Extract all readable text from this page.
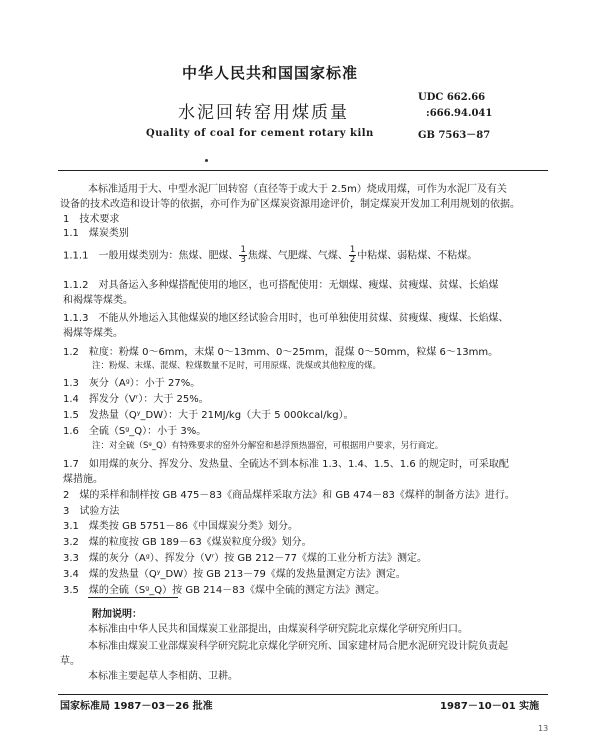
中华人民共和国国家标准
水泥回转窑用煤质量
Quality of coal for cement rotary kiln
UDC 662.66
:666.94.041
GB 7563－87
本标准适用于大、中型水泥厂回转窑（直径等于或大于 2.5m）烧成用煤，可作为水泥厂及有关
设备的技术改造和设计等的依据，亦可作为矿区煤炭资源用途评价，制定煤炭开发加工利用规划的依据。
1　技术要求
1.1　煤炭类别
1.1.1　一般用煤类别为：焦煤、肥煤、 $\frac{1}{3}$ 焦煤、气肥煤、气煤、 $\frac{1}{2}$ 中粘煤、弱粘煤、不粘煤。
1.1.2　对具备运入多种煤搭配使用的地区，也可搭配使用：无烟煤、瘦煤、贫瘦煤、贫煤、长焰煤
和褐煤等煤类。
1.1.3　不能从外地运入其他煤炭的地区经试验合用时，也可单独使用贫煤、贫瘦煤、瘦煤、长焰煤、
褐煤等煤类。
1.2　粒度：粉煤 0～6mm，末煤 0～13mm、0～25mm，混煤 0～50mm，粒煤 6～13mm。
注：粉煤、末煤、混煤、粒煤数量不足时，可用原煤、洗煤或其他粒度的煤。
1.3　灰分（Aᵍ）：小于 27%。
1.4　挥发分（Vʳ）：大于 25%。
1.5　发热量（Qʸ_DW）：大于 21MJ/kg（大于 5 000kcal/kg）。
1.6　全硫（Sᵍ_Q）：小于 3%。
注：对全硫（Sᵍ_Q）有特殊要求的窑外分解窑和悬浮预热器窑，可根据用户要求，另行商定。
1.7　如用煤的灰分、挥发分、发热量、全硫达不到本标准 1.3、1.4、1.5、1.6 的规定时，可采取配
煤措施。
2　煤的采样和制样按 GB 475－83《商品煤样采取方法》和 GB 474－83《煤样的制备方法》进行。
3　试验方法
3.1　煤类按 GB 5751－86《中国煤炭分类》划分。
3.2　煤的粒度按 GB 189－63《煤炭粒度分级》划分。
3.3　煤的灰分（Aᵍ）、挥发分（Vʳ）按 GB 212－77《煤的工业分析方法》测定。
3.4　煤的发热量（Qʸ_DW）按 GB 213－79《煤的发热量测定方法》测定。
3.5　煤的全硫（Sᵍ_Q）按 GB 214－83《煤中全硫的测定方法》测定。
附加说明：
本标准由中华人民共和国煤炭工业部提出，由煤炭科学研究院北京煤化学研究所归口。
本标准由煤炭工业部煤炭科学研究院北京煤化学研究所、国家建材局合肥水泥研究设计院负责起
草。
本标准主要起草人李相荫、卫耕。
国家标准局 1987－03－26 批准	1987－10－01 实施
13
